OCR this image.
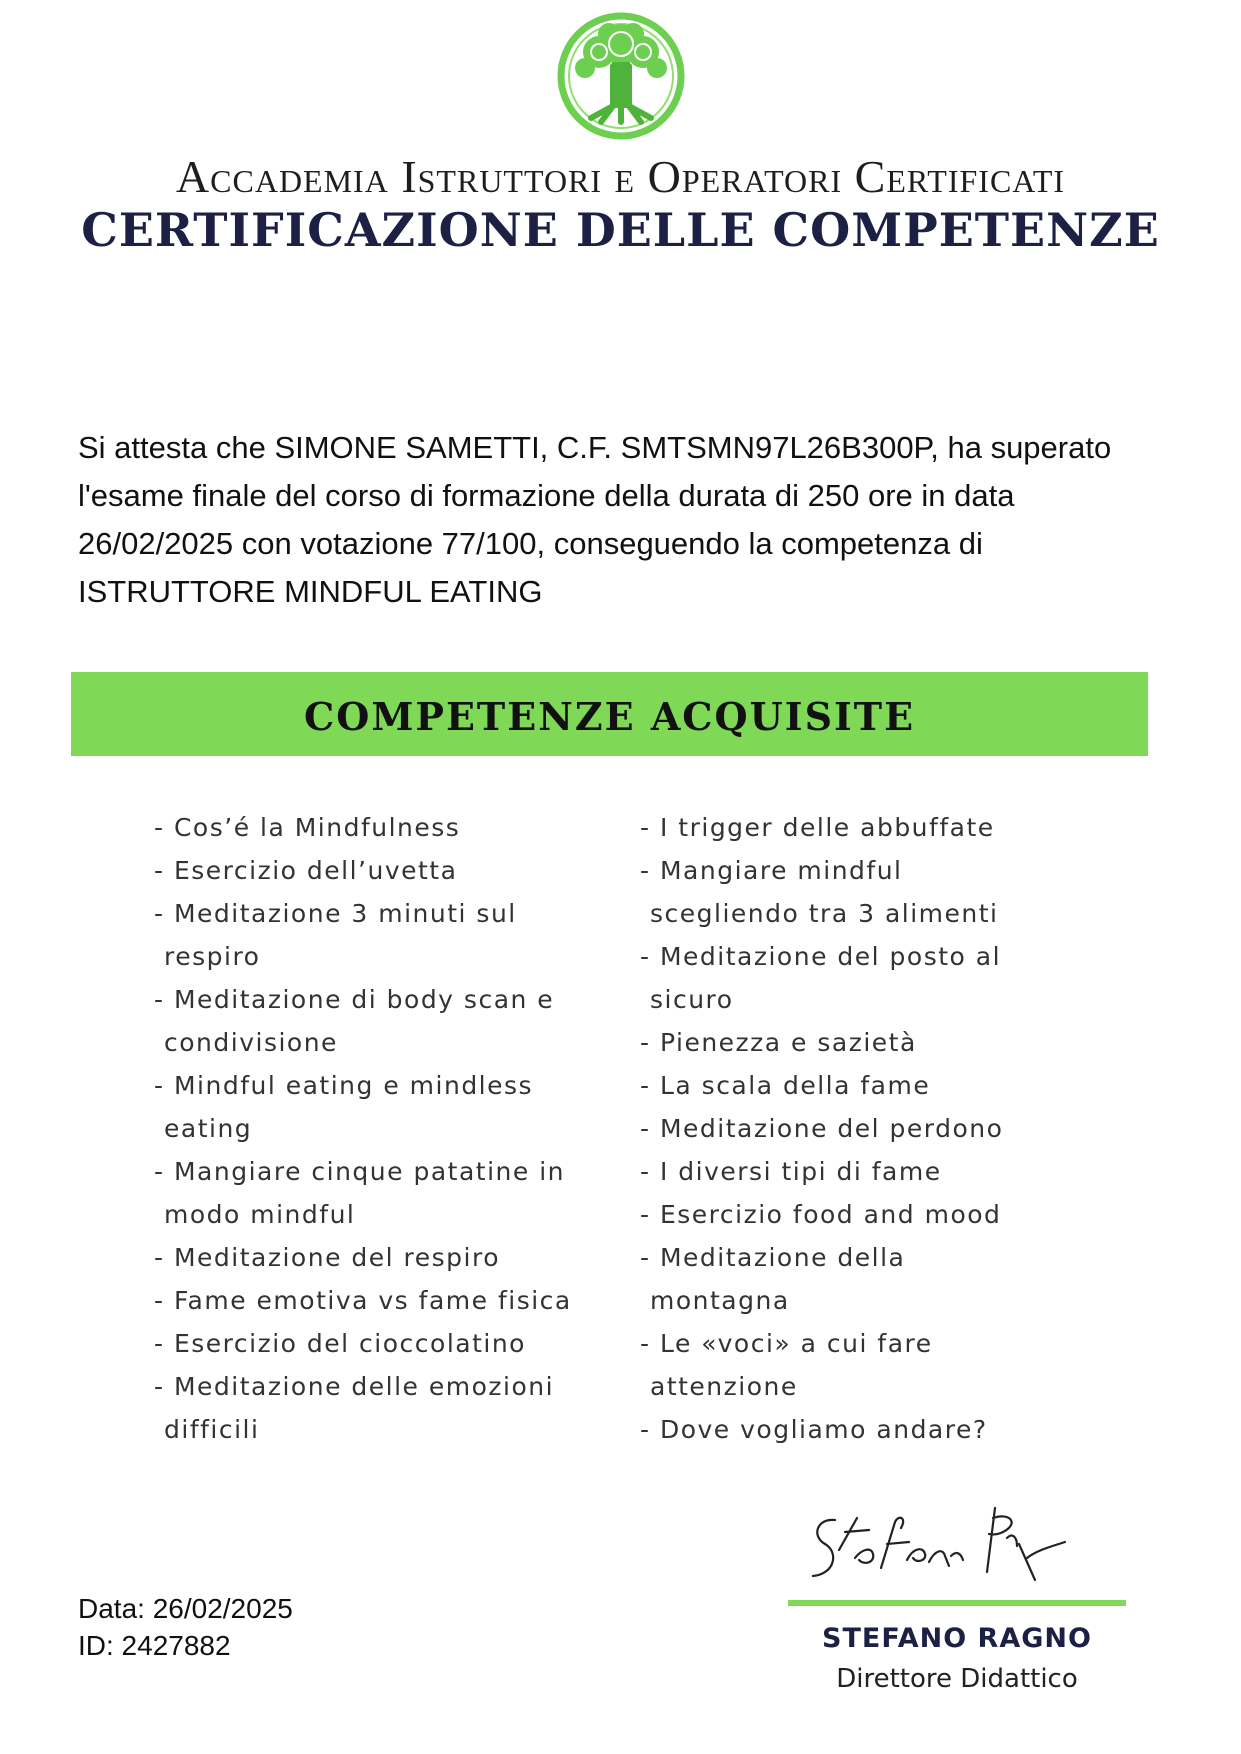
Accademia Istruttori e Operatori Certificati
CERTIFICAZIONE DELLE COMPETENZE
Si attesta che SIMONE SAMETTI, C.F. SMTSMN97L26B300P, ha superato l'esame finale del corso di formazione della durata di 250 ore in data 26/02/2025 con votazione 77/100, conseguendo la competenza di ISTRUTTORE MINDFUL EATING
COMPETENZE ACQUISITE
- Cos’é la Mindfulness
- Esercizio dell’uvetta
- Meditazione 3 minuti sul
respiro
- Meditazione di body scan e
condivisione
- Mindful eating e mindless
eating
- Mangiare cinque patatine in
modo mindful
- Meditazione del respiro
- Fame emotiva vs fame fisica
- Esercizio del cioccolatino
- Meditazione delle emozioni
difficili
- I trigger delle abbuffate
- Mangiare mindful
scegliendo tra 3 alimenti
- Meditazione del posto al
sicuro
- Pienezza e sazietà
- La scala della fame
- Meditazione del perdono
- I diversi tipi di fame
- Esercizio food and mood
- Meditazione della
montagna
- Le «voci» a cui fare
attenzione
- Dove vogliamo andare?
Data: 26/02/2025
ID: 2427882	STEFANO RAGNO
Direttore Didattico
